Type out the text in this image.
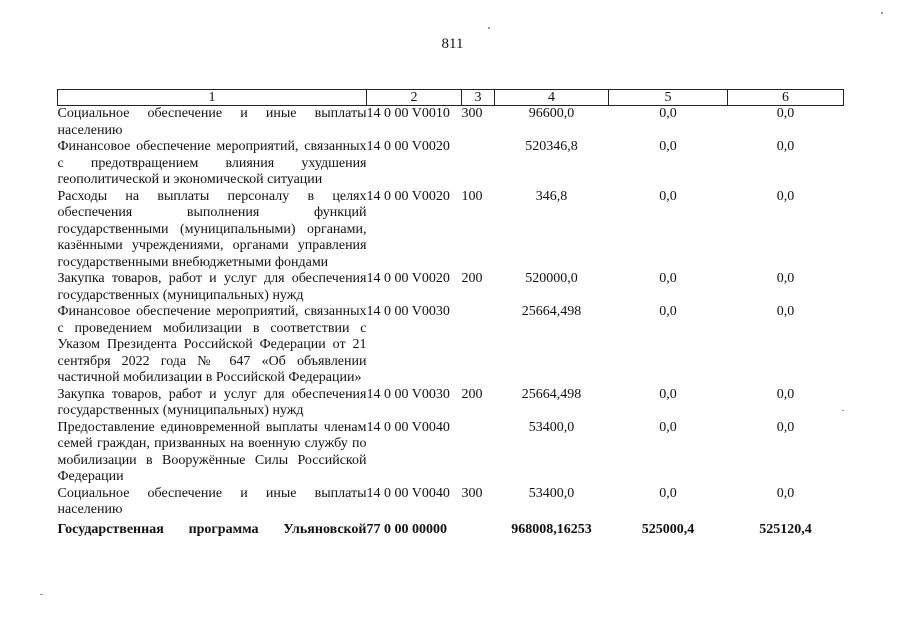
811
1	2	3	4	5	6
Социальное обеспечение и иные выплаты населению	14 0 00 V0010	300	96600,0	0,0	0,0
Финансовое обеспечение мероприятий, связанных с предотвращением влияния ухудшения геополитической и экономической ситуации	14 0 00 V0020		520346,8	0,0	0,0
Расходы на выплаты персоналу в целях обеспечения выполнения функций государственными (муниципальными) органами, казёнными учреждениями, органами управления государственными внебюджетными фондами	14 0 00 V0020	100	346,8	0,0	0,0
Закупка товаров, работ и услуг для обеспечения государственных (муниципальных) нужд	14 0 00 V0020	200	520000,0	0,0	0,0
Финансовое обеспечение мероприятий, связанных с проведением мобилизации в соответствии с Указом Президента Российской Федерации от 21 сентября 2022 года № 647 «Об объявлении частичной мобилизации в Российской Федерации»	14 0 00 V0030		25664,498	0,0	0,0
Закупка товаров, работ и услуг для обеспечения государственных (муниципальных) нужд	14 0 00 V0030	200	25664,498	0,0	0,0
Предоставление единовременной выплаты членам семей граждан, призванных на военную службу по мобилизации в Вооружённые Силы Российской Федерации	14 0 00 V0040		53400,0	0,0	0,0
Социальное обеспечение и иные выплаты населению	14 0 00 V0040	300	53400,0	0,0	0,0
Государственная программа Ульяновской	77 0 00 00000		968008,16253	525000,4	525120,4
